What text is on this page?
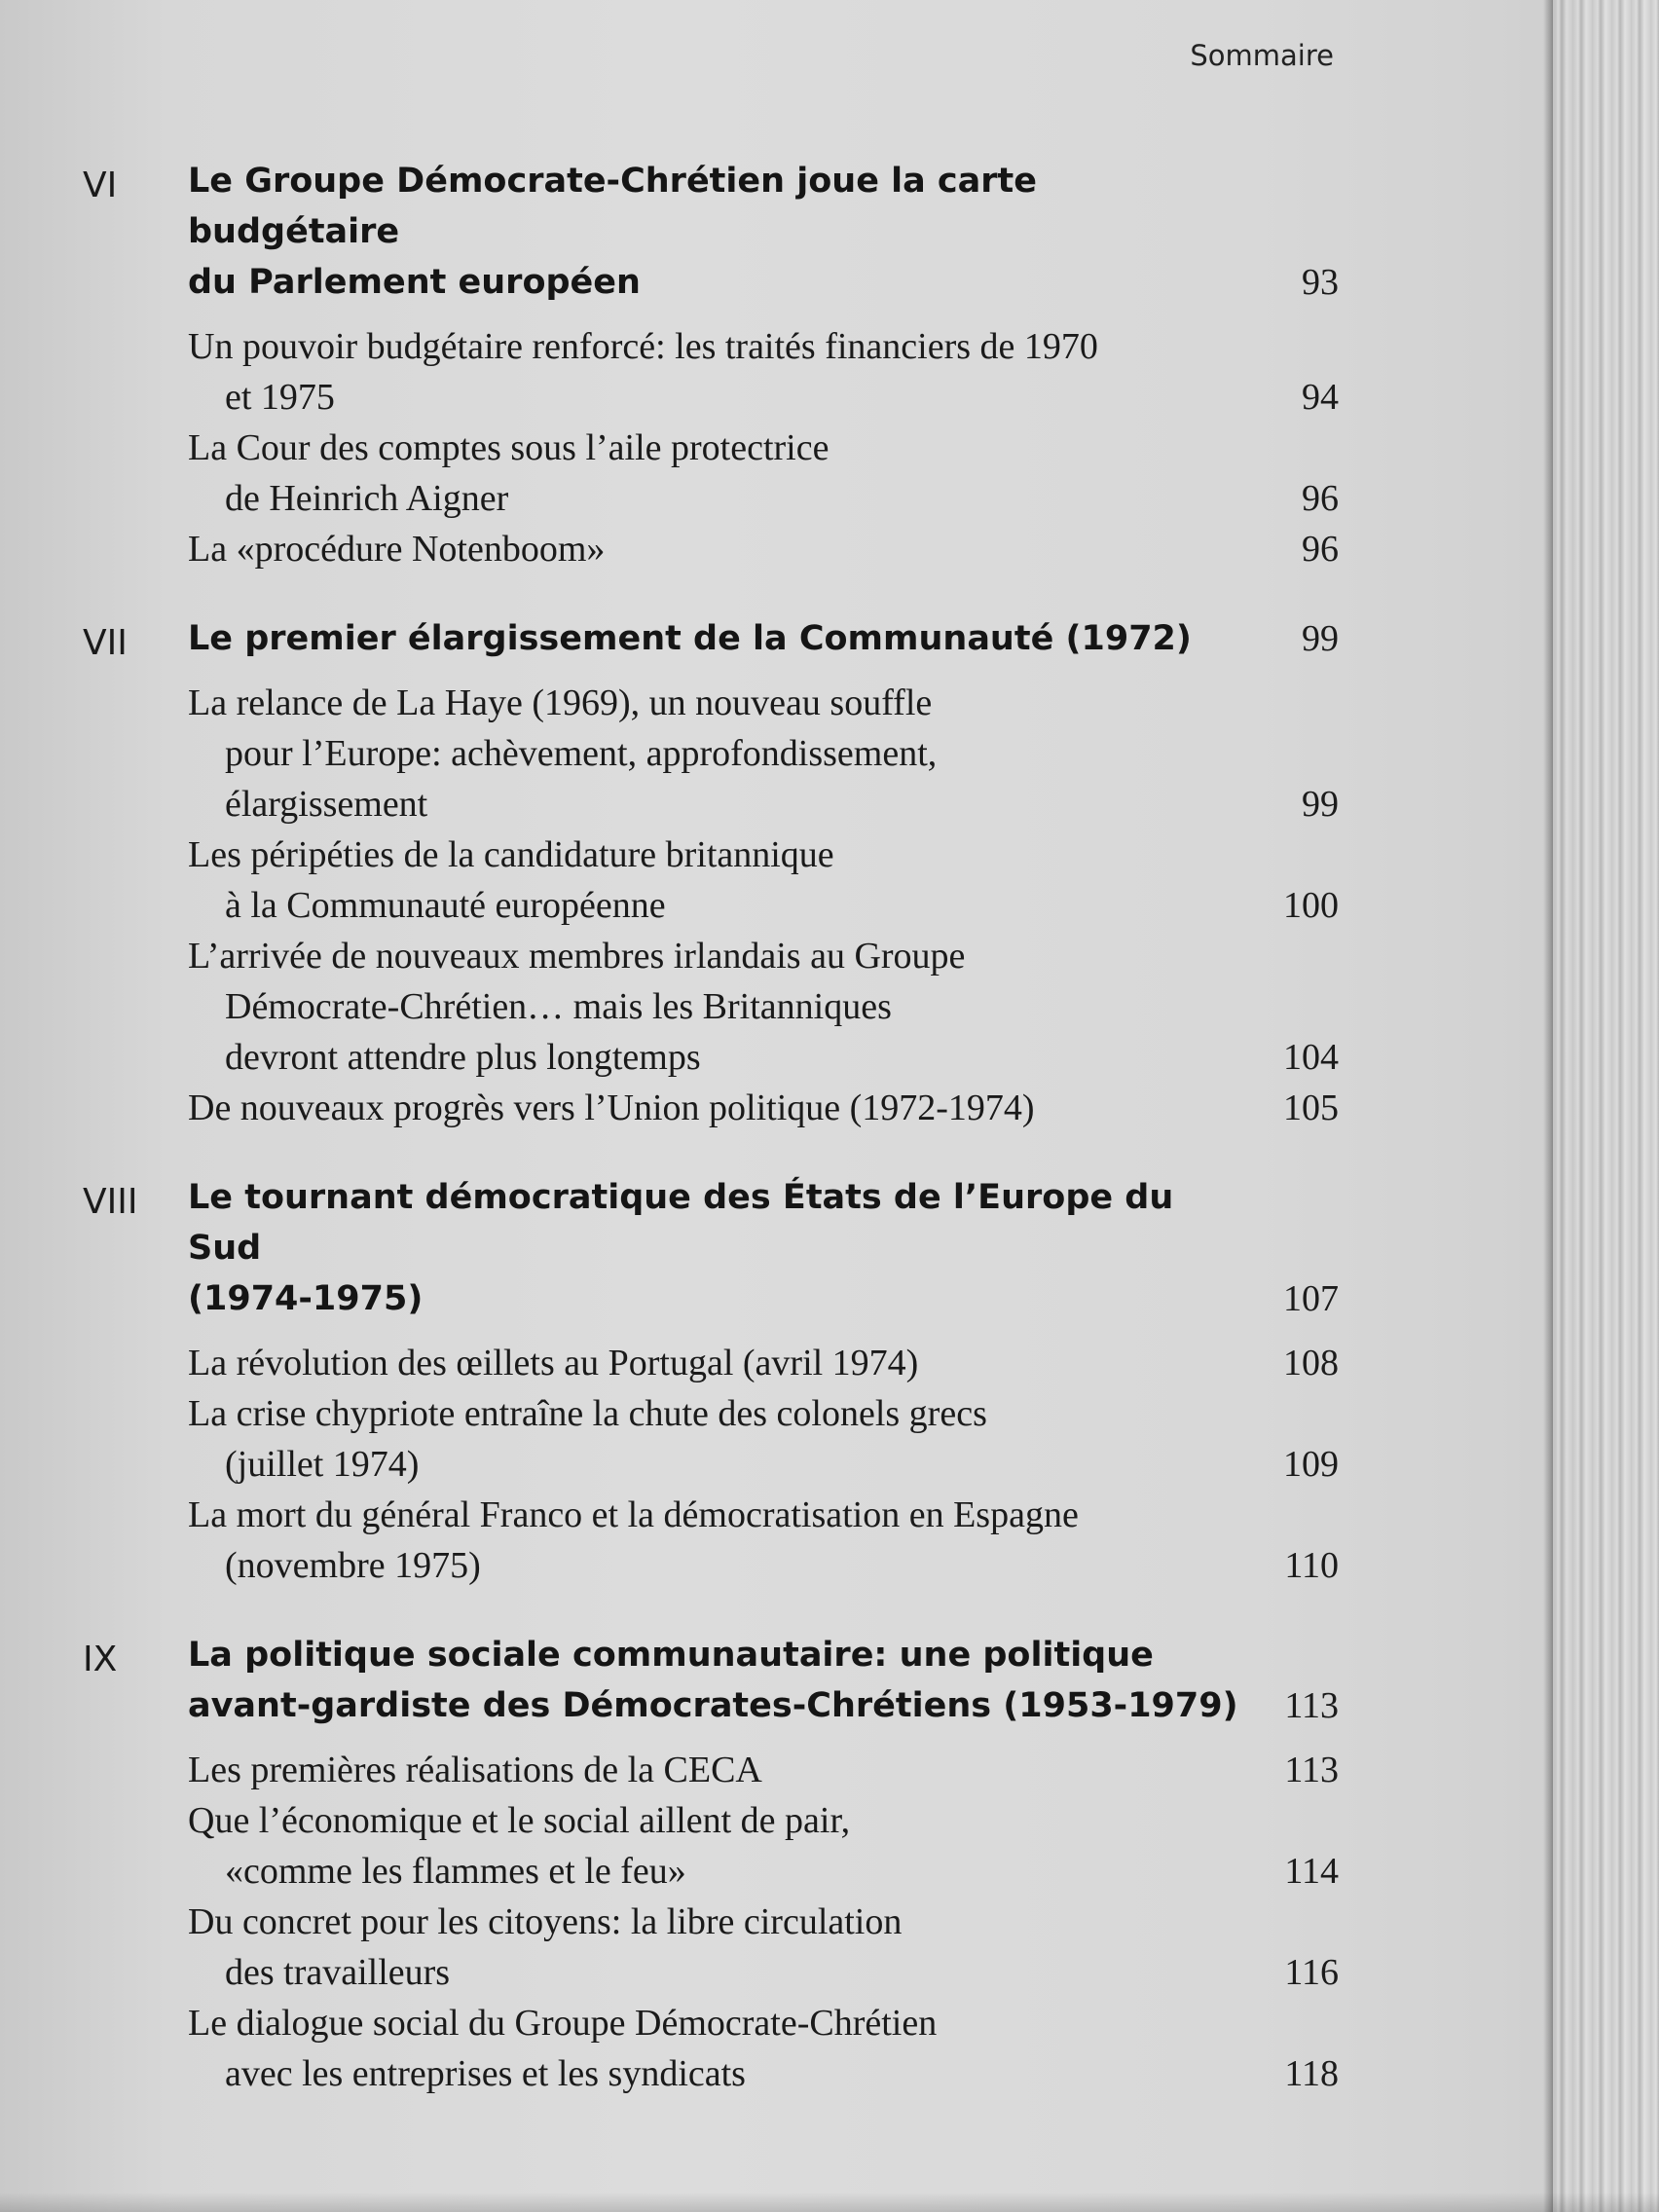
Sommaire
VI Le Groupe Démocrate-Chrétien joue la carte budgétaire
du Parlement européen	93
Un pouvoir budgétaire renforcé: les traités financiers de 1970
et 1975	94
La Cour des comptes sous l’aile protectrice
de Heinrich Aigner	96
La «procédure Notenboom»	96
VII Le premier élargissement de la Communauté (1972)	99
La relance de La Haye (1969), un nouveau souffle
pour l’Europe: achèvement, approfondissement,
élargissement	99
Les péripéties de la candidature britannique
à la Communauté européenne	100
L’arrivée de nouveaux membres irlandais au Groupe
Démocrate-Chrétien… mais les Britanniques
devront attendre plus longtemps	104
De nouveaux progrès vers l’Union politique (1972-1974)	105
VIII Le tournant démocratique des États de l’Europe du Sud
(1974-1975)	107
La révolution des œillets au Portugal (avril 1974)	108
La crise chypriote entraîne la chute des colonels grecs
(juillet 1974)	109
La mort du général Franco et la démocratisation en Espagne
(novembre 1975)	110
IX La politique sociale communautaire: une politique
avant-gardiste des Démocrates-Chrétiens (1953-1979) 113
Les premières réalisations de la CECA	113
Que l’économique et le social aillent de pair,
«comme les flammes et le feu»	114
Du concret pour les citoyens: la libre circulation
des travailleurs	116
Le dialogue social du Groupe Démocrate-Chrétien
avec les entreprises et les syndicats	118
